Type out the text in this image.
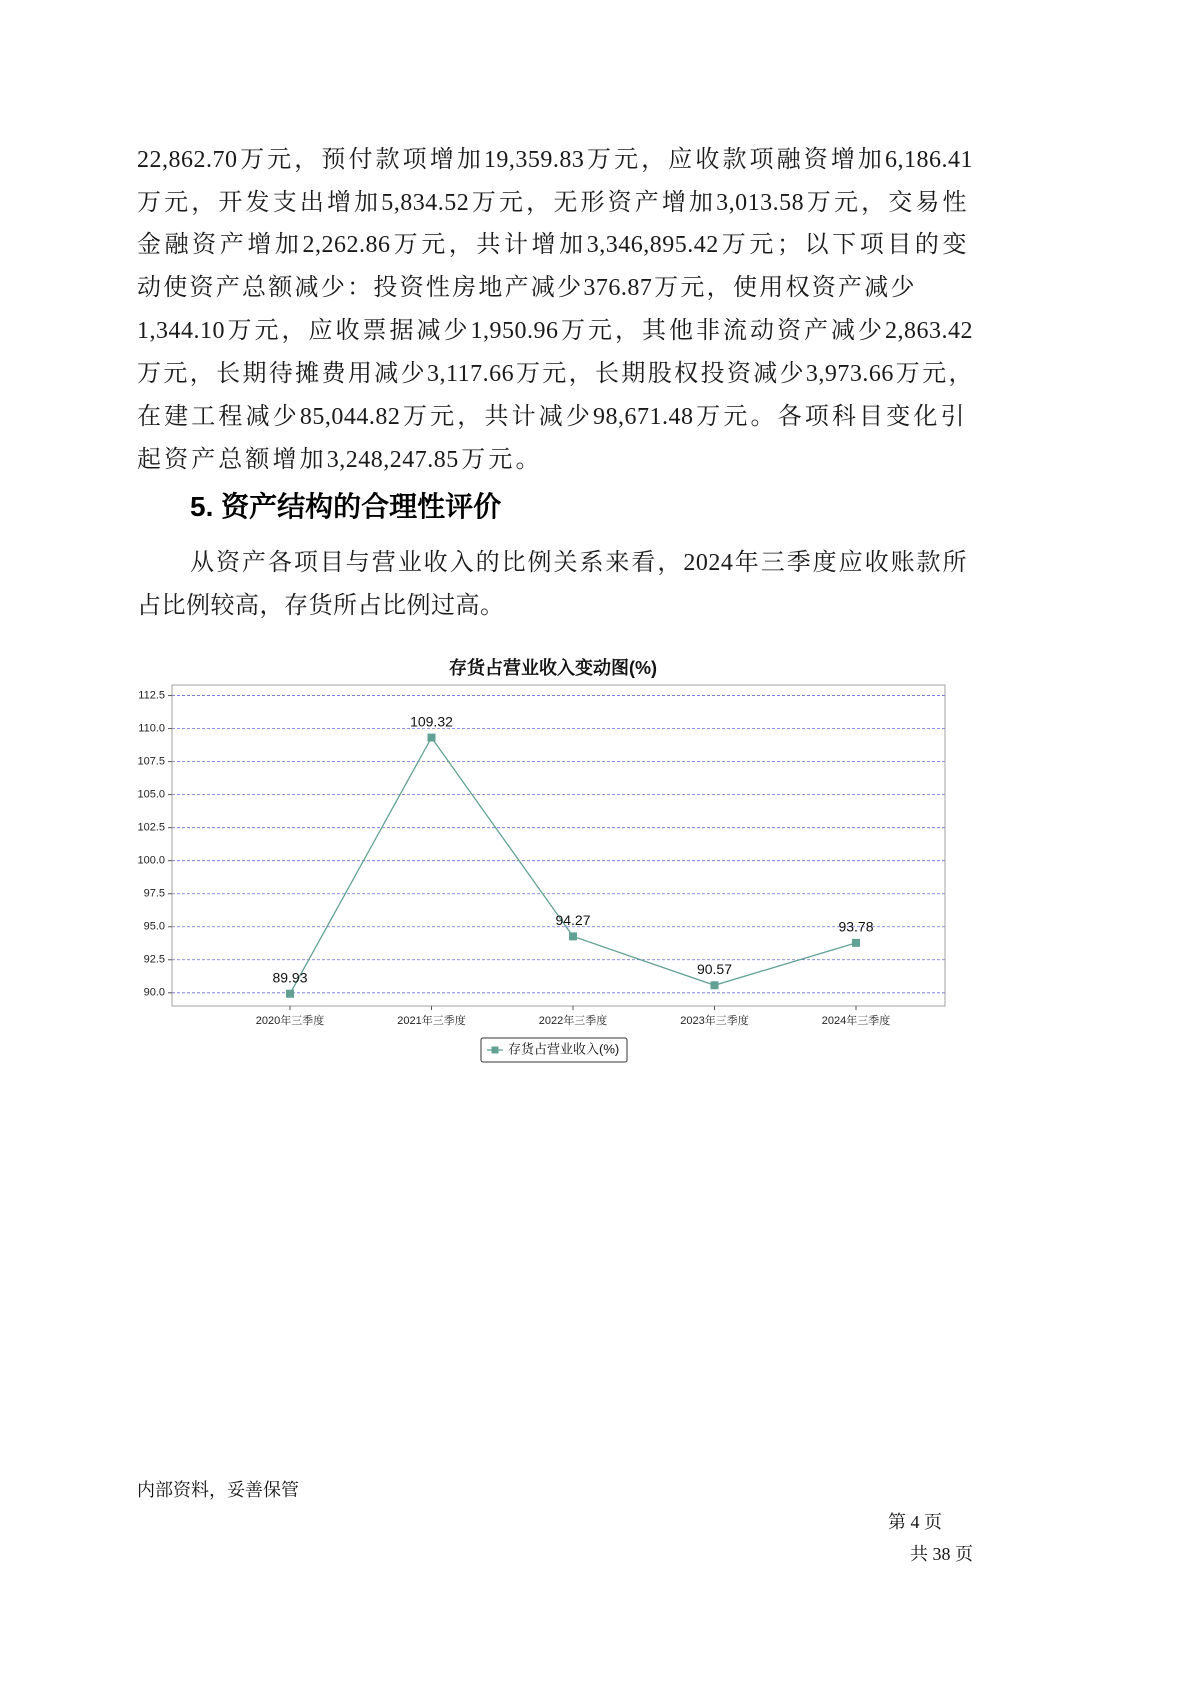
22,862.70万元，预付款项增加19,359.83万元，应收款项融资增加6,186.41
万元，开发支出增加5,834.52万元，无形资产增加3,013.58万元，交易性
金融资产增加2,262.86万元，共计增加3,346,895.42万元；以下项目的变
动使资产总额减少：投资性房地产减少376.87万元，使用权资产减少
1,344.10万元，应收票据减少1,950.96万元，其他非流动资产减少2,863.42
万元，长期待摊费用减少3,117.66万元，长期股权投资减少3,973.66万元，
在建工程减少85,044.82万元，共计减少98,671.48万元。各项科目变化引
起资产总额增加3,248,247.85万元。
5. 资产结构的合理性评价
从资产各项目与营业收入的比例关系来看，2024年三季度应收账款所
占比例较高，存货所占比例过高。
存货占营业收入变动图(%)
90.0
92.5
95.0
97.5
100.0
102.5
105.0
107.5
110.0
112.5
2020年三季度	2021年三季度	2022年三季度	2023年三季度	2024年三季度
89.93
109.32
94.27
90.57
93.78
存货占营业收入(%)
内部资料，妥善保管

第 4 页
共 38 页
